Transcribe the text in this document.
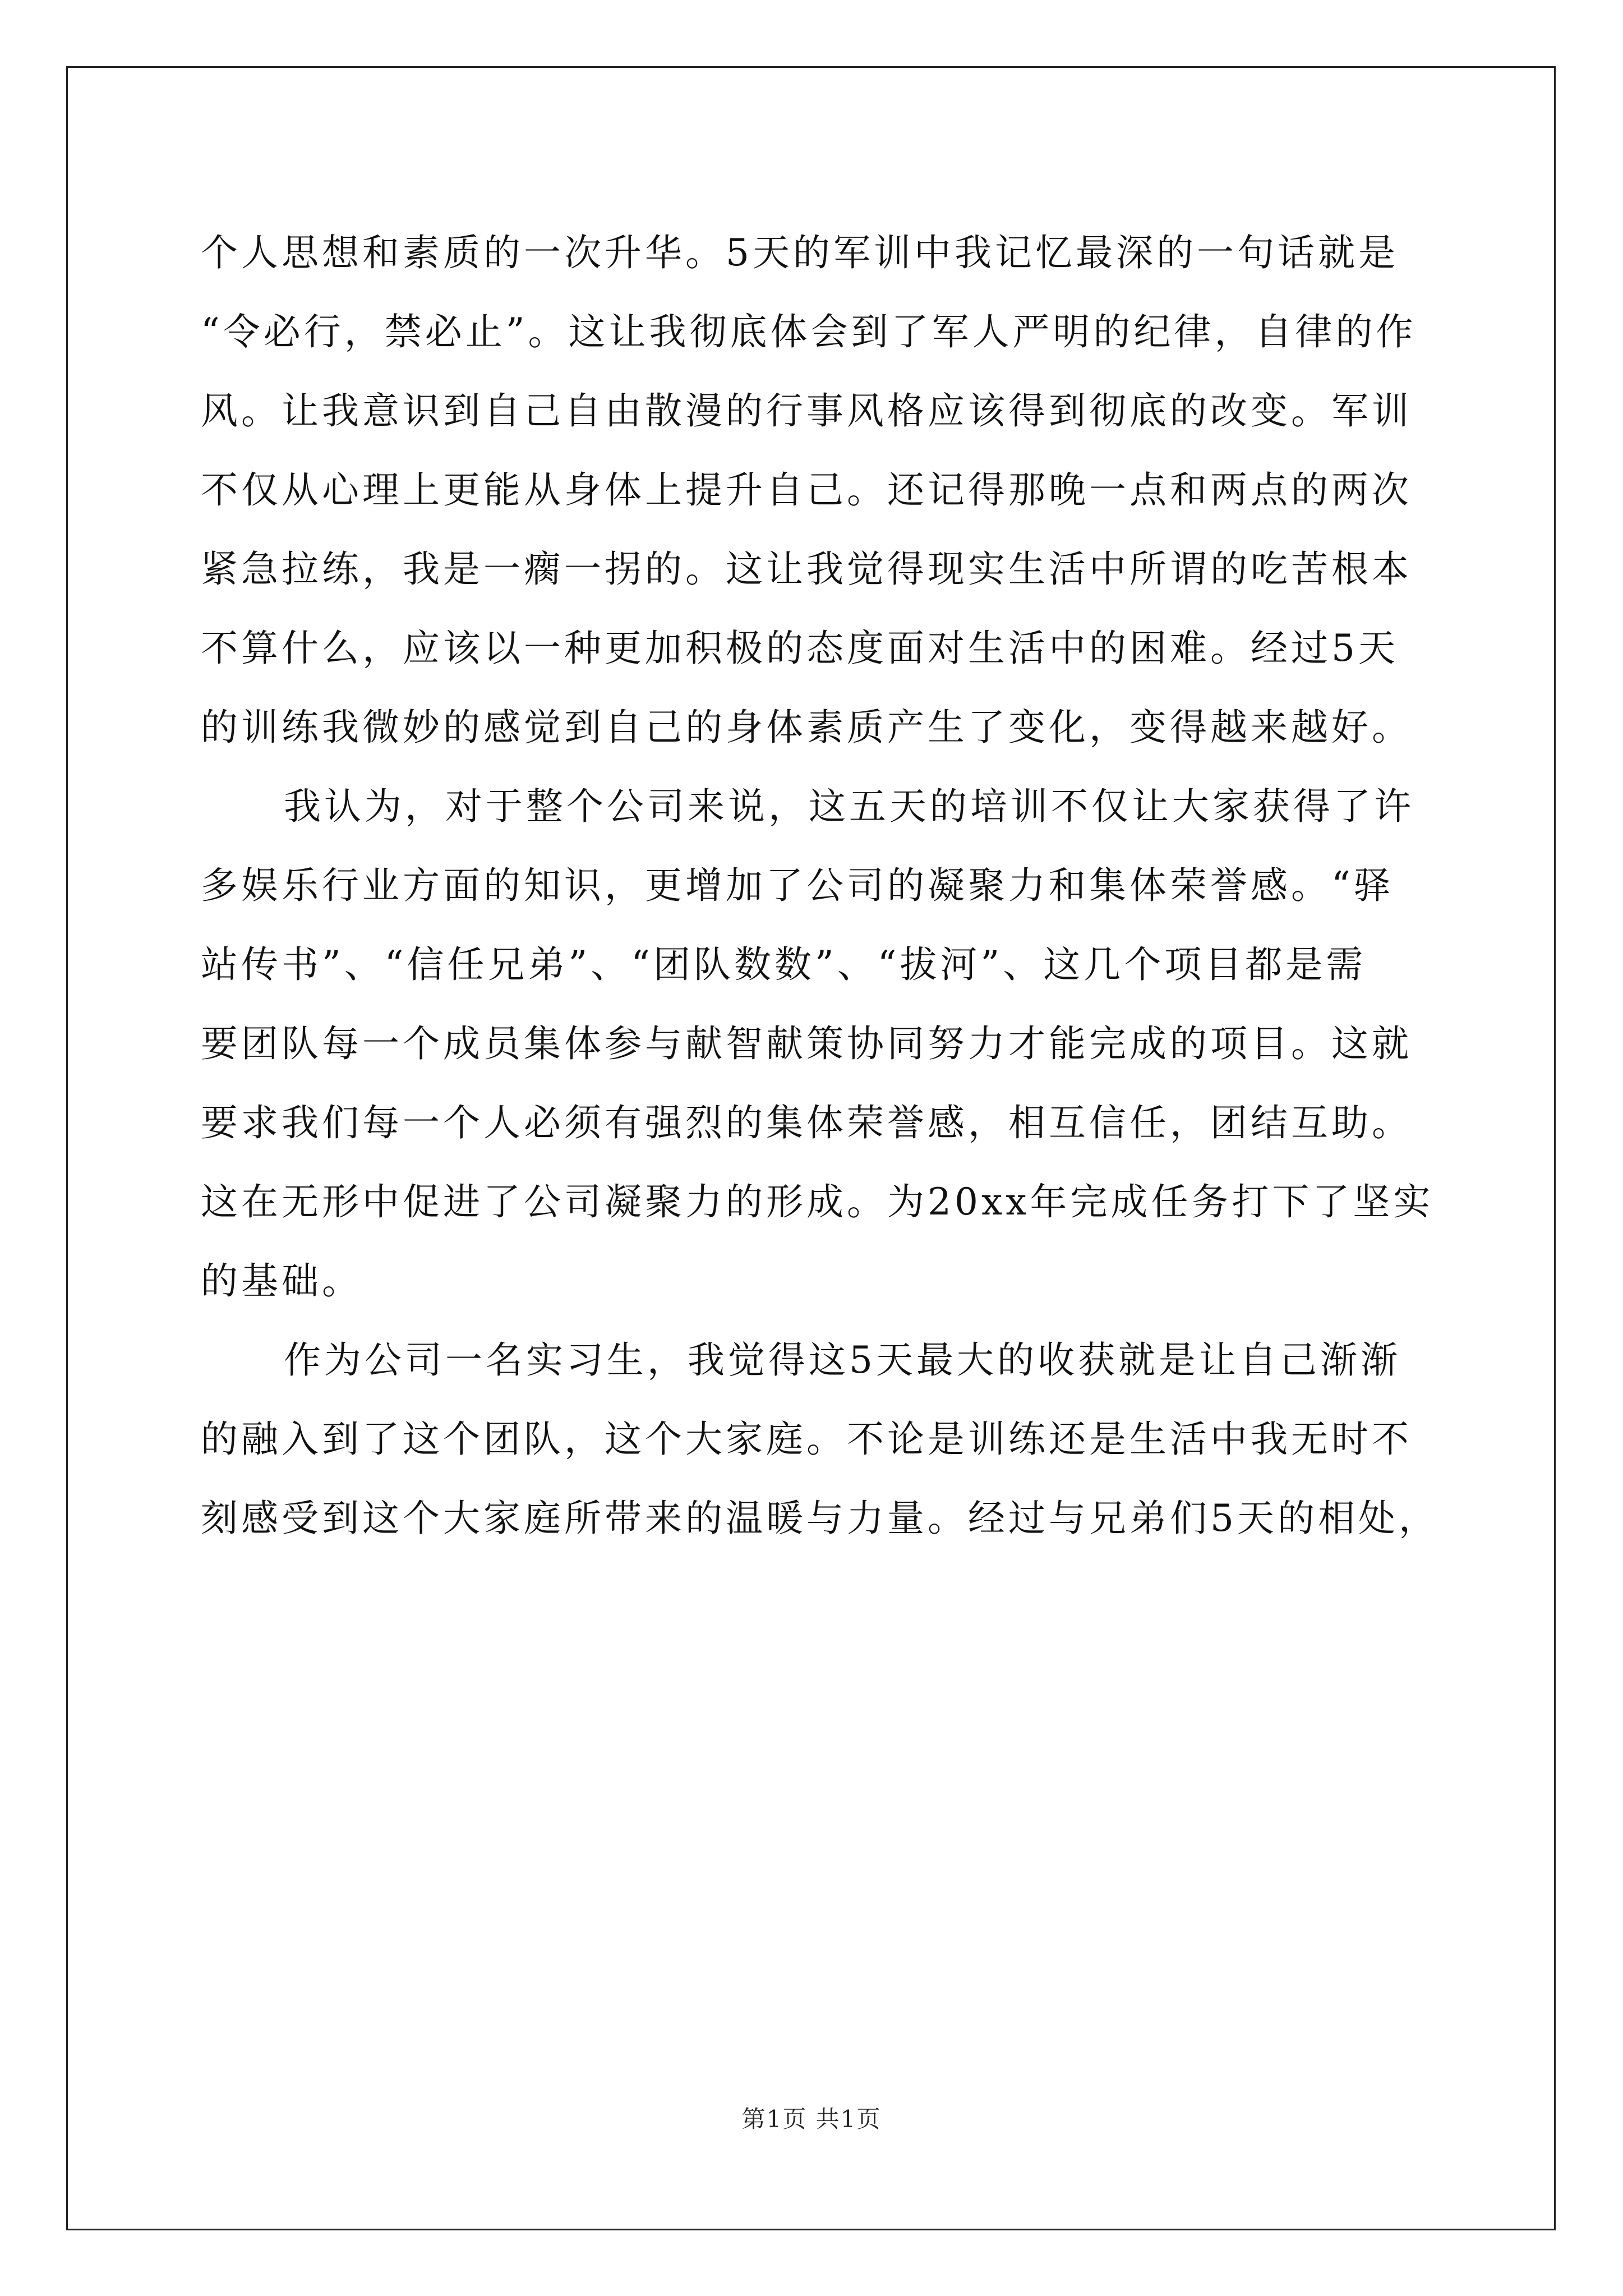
个人思想和素质的一次升华。5天的军训中我记忆最深的一句话就是
“令必行，禁必止”。这让我彻底体会到了军人严明的纪律，自律的作
风。让我意识到自己自由散漫的行事风格应该得到彻底的改变。军训
不仅从心理上更能从身体上提升自己。还记得那晚一点和两点的两次
紧急拉练，我是一瘸一拐的。这让我觉得现实生活中所谓的吃苦根本
不算什么，应该以一种更加积极的态度面对生活中的困难。经过5天
的训练我微妙的感觉到自己的身体素质产生了变化，变得越来越好。
我认为，对于整个公司来说，这五天的培训不仅让大家获得了许
多娱乐行业方面的知识，更增加了公司的凝聚力和集体荣誉感。“驿
站传书”、“信任兄弟”、“团队数数”、“拔河”、这几个项目都是需
要团队每一个成员集体参与献智献策协同努力才能完成的项目。这就
要求我们每一个人必须有强烈的集体荣誉感，相互信任，团结互助。
这在无形中促进了公司凝聚力的形成。为20xx年完成任务打下了坚实
的基础。
作为公司一名实习生，我觉得这5天最大的收获就是让自己渐渐
的融入到了这个团队，这个大家庭。不论是训练还是生活中我无时不
刻感受到这个大家庭所带来的温暖与力量。经过与兄弟们5天的相处，
第1页 共1页
